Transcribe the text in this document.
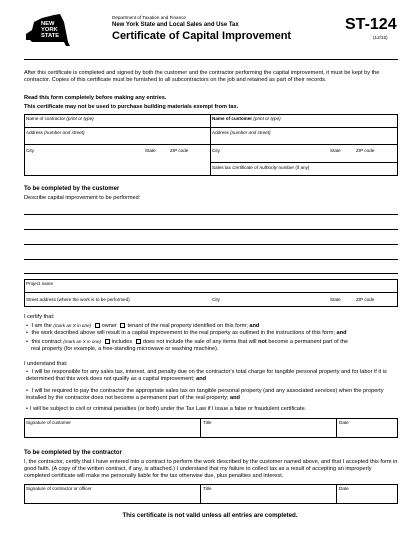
NEW YORK STATE
Department of Taxation and Finance
New York State and Local Sales and Use Tax
Certificate of Capital Improvement
ST-124
(12/15)
After this certificate is completed and signed by both the customer and the contractor performing the capital improvement, it must be kept by the contractor. Copies of this certificate must be furnished to all subcontractors on the job and retained as part of their records.
Read this form completely before making any entries.
This certificate may not be used to purchase building materials exempt from tax.
Name of contractor (print or type)	Name of customer (print or type)
Address (number and street)	Address (number and street)
City	State	ZIP code	City	State	ZIP code
Sales tax Certificate of Authority number (if any)
To be completed by the customer
Describe capital improvement to be performed:
Project name
Street address (where the work is to be performed)	City	State	ZIP code
I certify that:
• I am the (mark an X in one) owner tenant of the real property identified on this form; and
• the work described above will result in a capital improvement to the real property as outlined in the instructions of this form; and
• this contract (mark an X in one) includes does not include the sale of any items that will not become a permanent part of the
real property (for example, a free-standing microwave or washing machine).
I understand that:
• I will be responsible for any sales tax, interest, and penalty due on the contractor's total charge for tangible personal property and for labor if it is determined that this work does not qualify as a capital improvement; and
• I will be required to pay the contractor the appropriate sales tax on tangible personal property (and any associated services) when the property installed by the contractor does not become a permanent part of the real property; and
• I will be subject to civil or criminal penalties (or both) under the Tax Law if I issue a false or fraudulent certificate.
Signature of customer	Title	Date
To be completed by the contractor
I, the contractor, certify that I have entered into a contract to perform the work described by the customer named above, and that I accepted this form in good faith. (A copy of the written contract, if any, is attached.) I understand that my failure to collect tax as a result of accepting an improperly completed certificate will make me personally liable for the tax otherwise due, plus penalties and interest.
Signature of contractor or officer	Title	Date
This certificate is not valid unless all entries are completed.
